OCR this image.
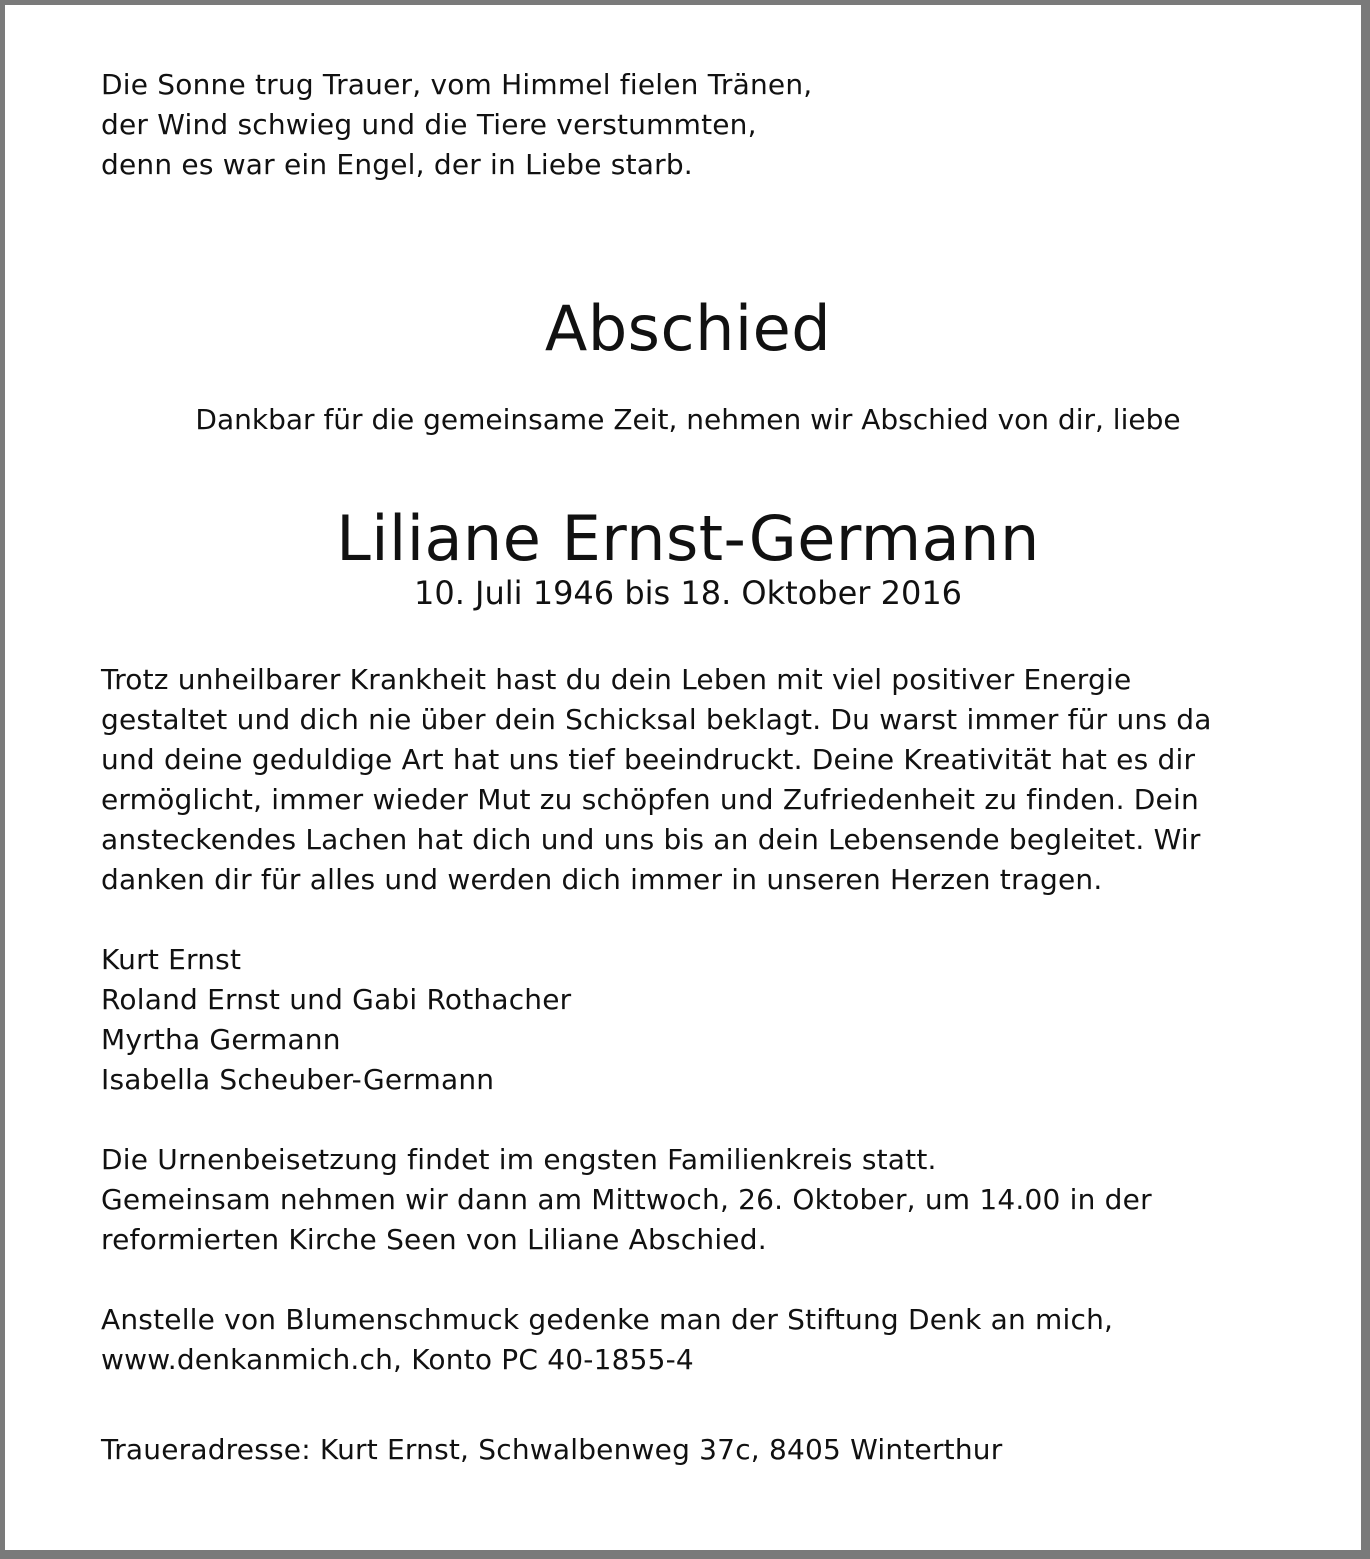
Die Sonne trug Trauer, vom Himmel fielen Tränen,
der Wind schwieg und die Tiere verstummten,
denn es war ein Engel, der in Liebe starb.
Abschied
Dankbar für die gemeinsame Zeit, nehmen wir Abschied von dir, liebe
Liliane Ernst-Germann
10. Juli 1946 bis 18. Oktober 2016
Trotz unheilbarer Krankheit hast du dein Leben mit viel positiver Energie
gestaltet und dich nie über dein Schicksal beklagt. Du warst immer für uns da
und deine geduldige Art hat uns tief beeindruckt. Deine Kreativität hat es dir
ermöglicht, immer wieder Mut zu schöpfen und Zufriedenheit zu finden. Dein
ansteckendes Lachen hat dich und uns bis an dein Lebensende begleitet. Wir
danken dir für alles und werden dich immer in unseren Herzen tragen.
Kurt Ernst
Roland Ernst und Gabi Rothacher
Myrtha Germann
Isabella Scheuber-Germann
Die Urnenbeisetzung findet im engsten Familienkreis statt.
Gemeinsam nehmen wir dann am Mittwoch, 26. Oktober, um 14.00 in der
reformierten Kirche Seen von Liliane Abschied.
Anstelle von Blumenschmuck gedenke man der Stiftung Denk an mich,
www.denkanmich.ch, Konto PC 40-1855-4
Traueradresse: Kurt Ernst, Schwalbenweg 37c, 8405 Winterthur
